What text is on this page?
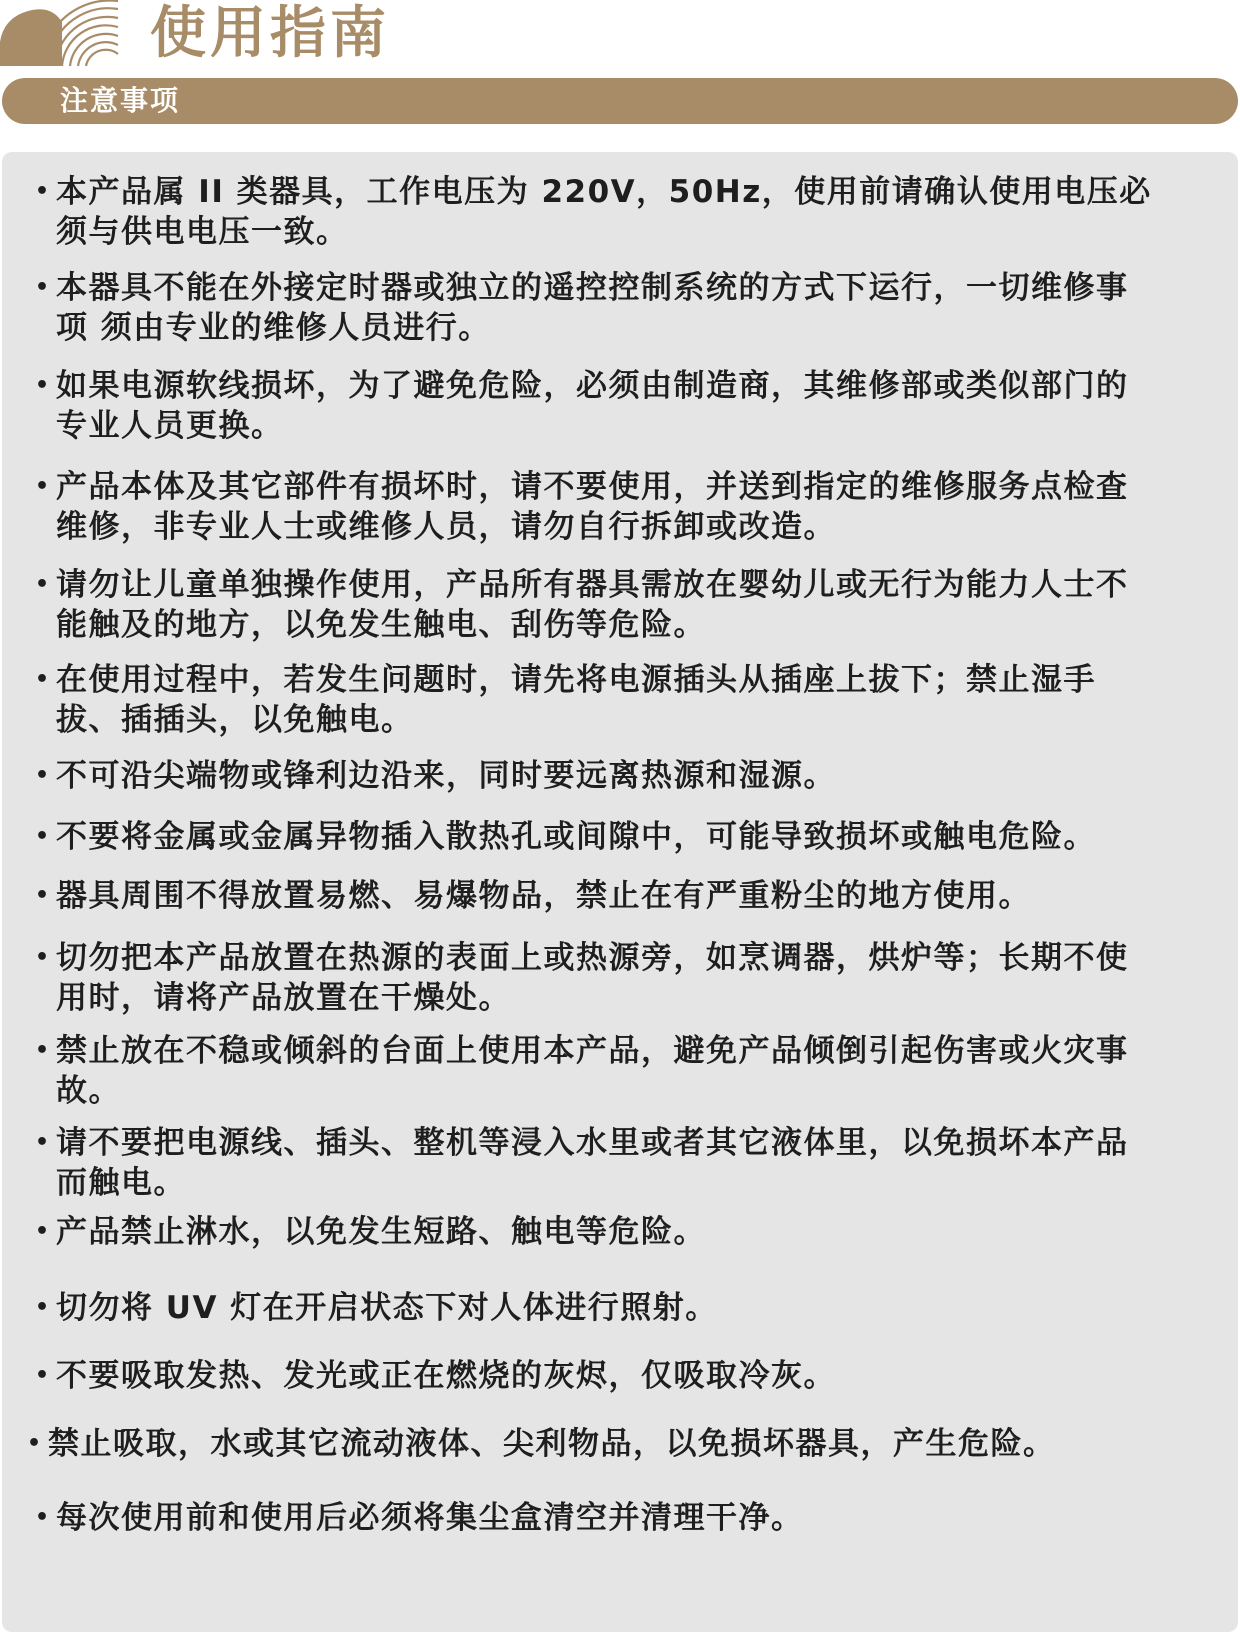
使用指南
注意事项
• 本产品属 II 类器具，工作电压为 220V，50Hz，使用前请确认使用电压必
须与供电电压一致。
• 本器具不能在外接定时器或独立的遥控控制系统的方式下运行，一切维修事
项 须由专业的维修人员进行。
• 如果电源软线损坏，为了避免危险，必须由制造商，其维修部或类似部门的
专业人员更换。
• 产品本体及其它部件有损坏时，请不要使用，并送到指定的维修服务点检查
维修，非专业人士或维修人员，请勿自行拆卸或改造。
• 请勿让儿童单独操作使用，产品所有器具需放在婴幼儿或无行为能力人士不
能触及的地方，以免发生触电、刮伤等危险。
• 在使用过程中，若发生问题时，请先将电源插头从插座上拔下；禁止湿手
拔、插插头，以免触电。
• 不可沿尖端物或锋利边沿来，同时要远离热源和湿源。
• 不要将金属或金属异物插入散热孔或间隙中，可能导致损坏或触电危险。
• 器具周围不得放置易燃、易爆物品，禁止在有严重粉尘的地方使用。
• 切勿把本产品放置在热源的表面上或热源旁，如烹调器，烘炉等；长期不使
用时，请将产品放置在干燥处。
• 禁止放在不稳或倾斜的台面上使用本产品，避免产品倾倒引起伤害或火灾事
故。
• 请不要把电源线、插头、整机等浸入水里或者其它液体里，以免损坏本产品
而触电。
• 产品禁止淋水，以免发生短路、触电等危险。
• 切勿将 UV 灯在开启状态下对人体进行照射。
• 不要吸取发热、发光或正在燃烧的灰烬，仅吸取冷灰。
• 禁止吸取，水或其它流动液体、尖利物品，以免损坏器具，产生危险。
• 每次使用前和使用后必须将集尘盒清空并清理干净。
